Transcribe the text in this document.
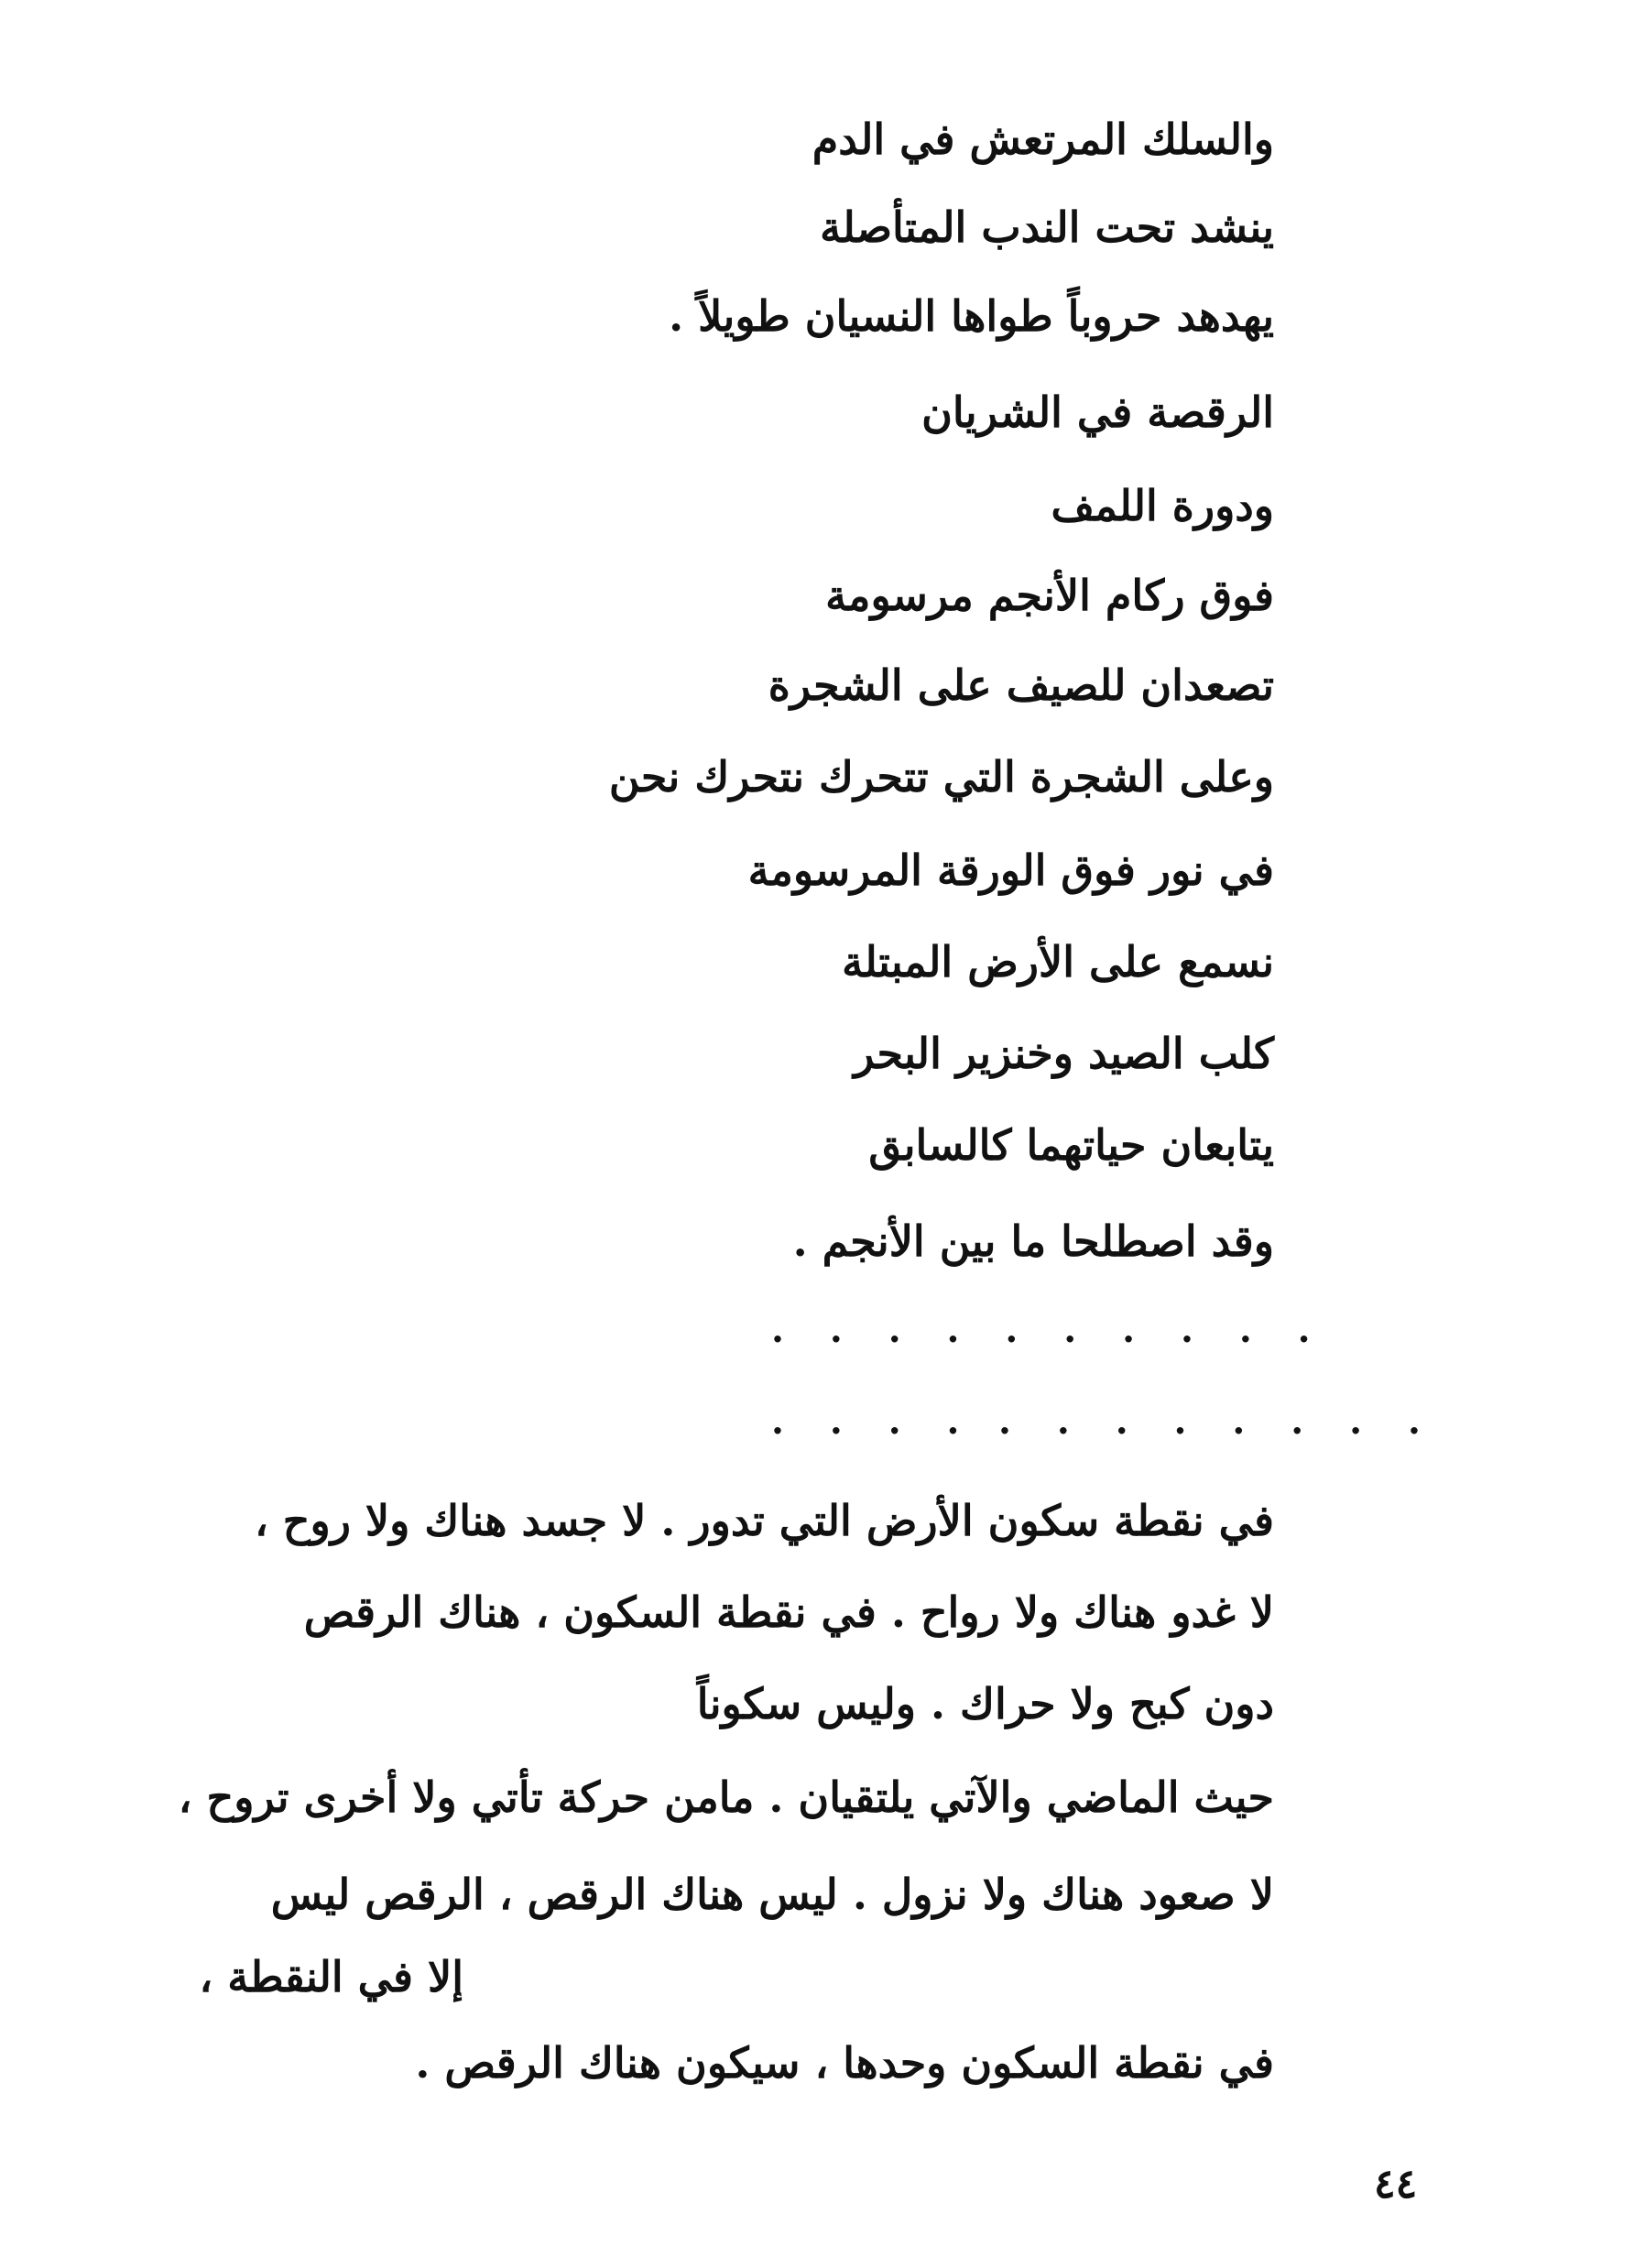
والسلك المرتعش في الدم
ينشد تحت الندب المتأصلة
يهدهد حروباً طواها النسيان طويلاً .
الرقصة في الشريان
ودورة اللمف
فوق ركام الأنجم مرسومة
تصعدان للصيف على الشجرة
وعلى الشجرة التي تتحرك نتحرك نحن
في نور فوق الورقة المرسومة
نسمع على الأرض المبتلة
كلب الصيد وخنزير البحر
يتابعان حياتهما كالسابق
وقد اصطلحا ما بين الأنجم .
. . . . . . . . . .
. . . . . . . .
. . . .
في نقطة سكون الأرض التي تدور . لا جسد هناك ولا روح ،
لا غدو هناك ولا رواح . في نقطة السكون ، هناك الرقص
دون كبح ولا حراك . وليس سكوناً
حيث الماضي والآتي يلتقيان . مامن حركة تأتي ولا أخرى تروح ،
لا صعود هناك ولا نزول . ليس هناك الرقص ، الرقص ليس
إلا في النقطة ،
في نقطة السكون وحدها ، سيكون هناك الرقص .
٤٤
